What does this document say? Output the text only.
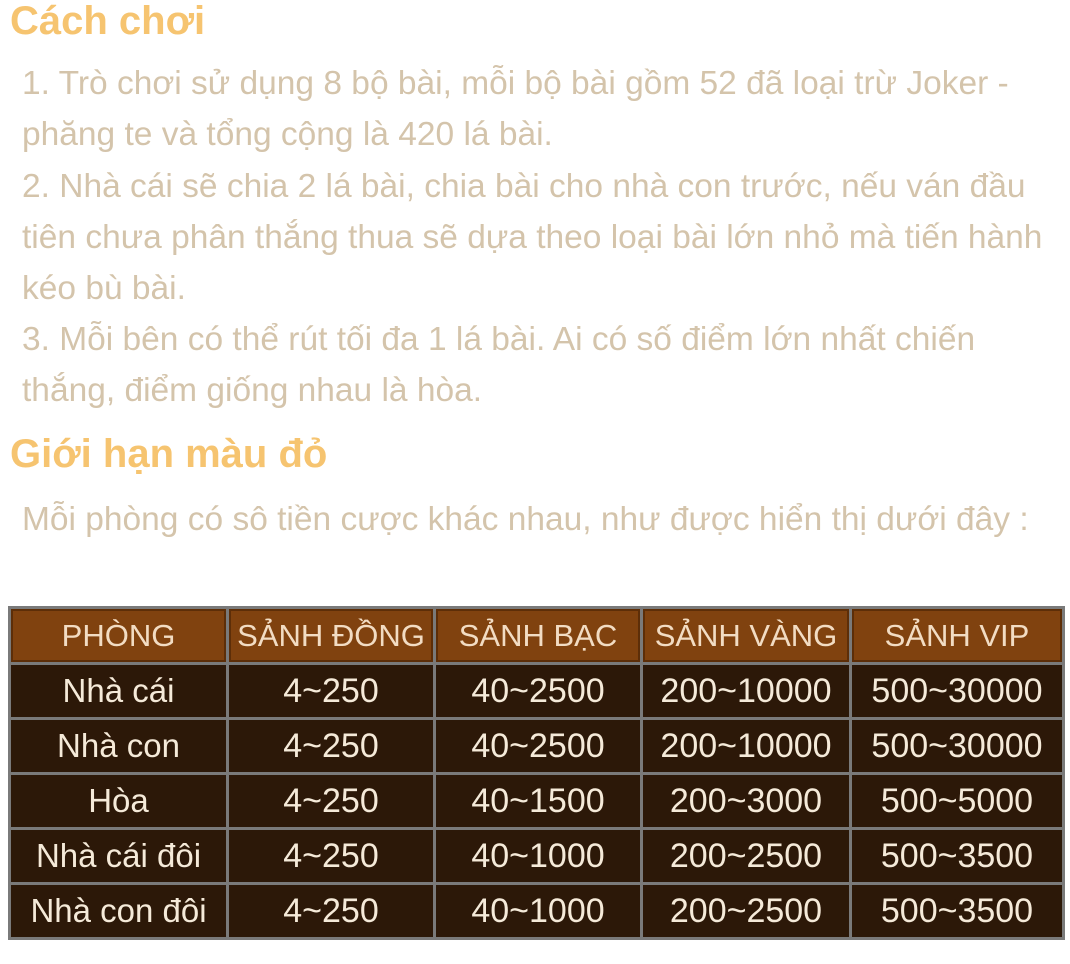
Cách chơi

1. Trò chơi sử dụng 8 bộ bài, mỗi bộ bài gồm 52 đã loại trừ Joker - phăng te và tổng cộng là 420 lá bài.

2. Nhà cái sẽ chia 2 lá bài, chia bài cho nhà con trước, nếu ván đầu tiên chưa phân thắng thua sẽ dựa theo loại bài lớn nhỏ mà tiến hành kéo bù bài.

3. Mỗi bên có thể rút tối đa 1 lá bài. Ai có số điểm lớn nhất chiến thắng, điểm giống nhau là hòa.

Giới hạn màu đỏ

Mỗi phòng có sô tiền cược khác nhau, như được hiển thị dưới đây :

PHÒNG	SẢNH ĐỒNG	SẢNH BẠC	SẢNH VÀNG	SẢNH VIP
Nhà cái	4~250	40~2500	200~10000	500~30000
Nhà con	4~250	40~2500	200~10000	500~30000
Hòa	4~250	40~1500	200~3000	500~5000
Nhà cái đôi	4~250	40~1000	200~2500	500~3500
Nhà con đôi	4~250	40~1000	200~2500	500~3500
